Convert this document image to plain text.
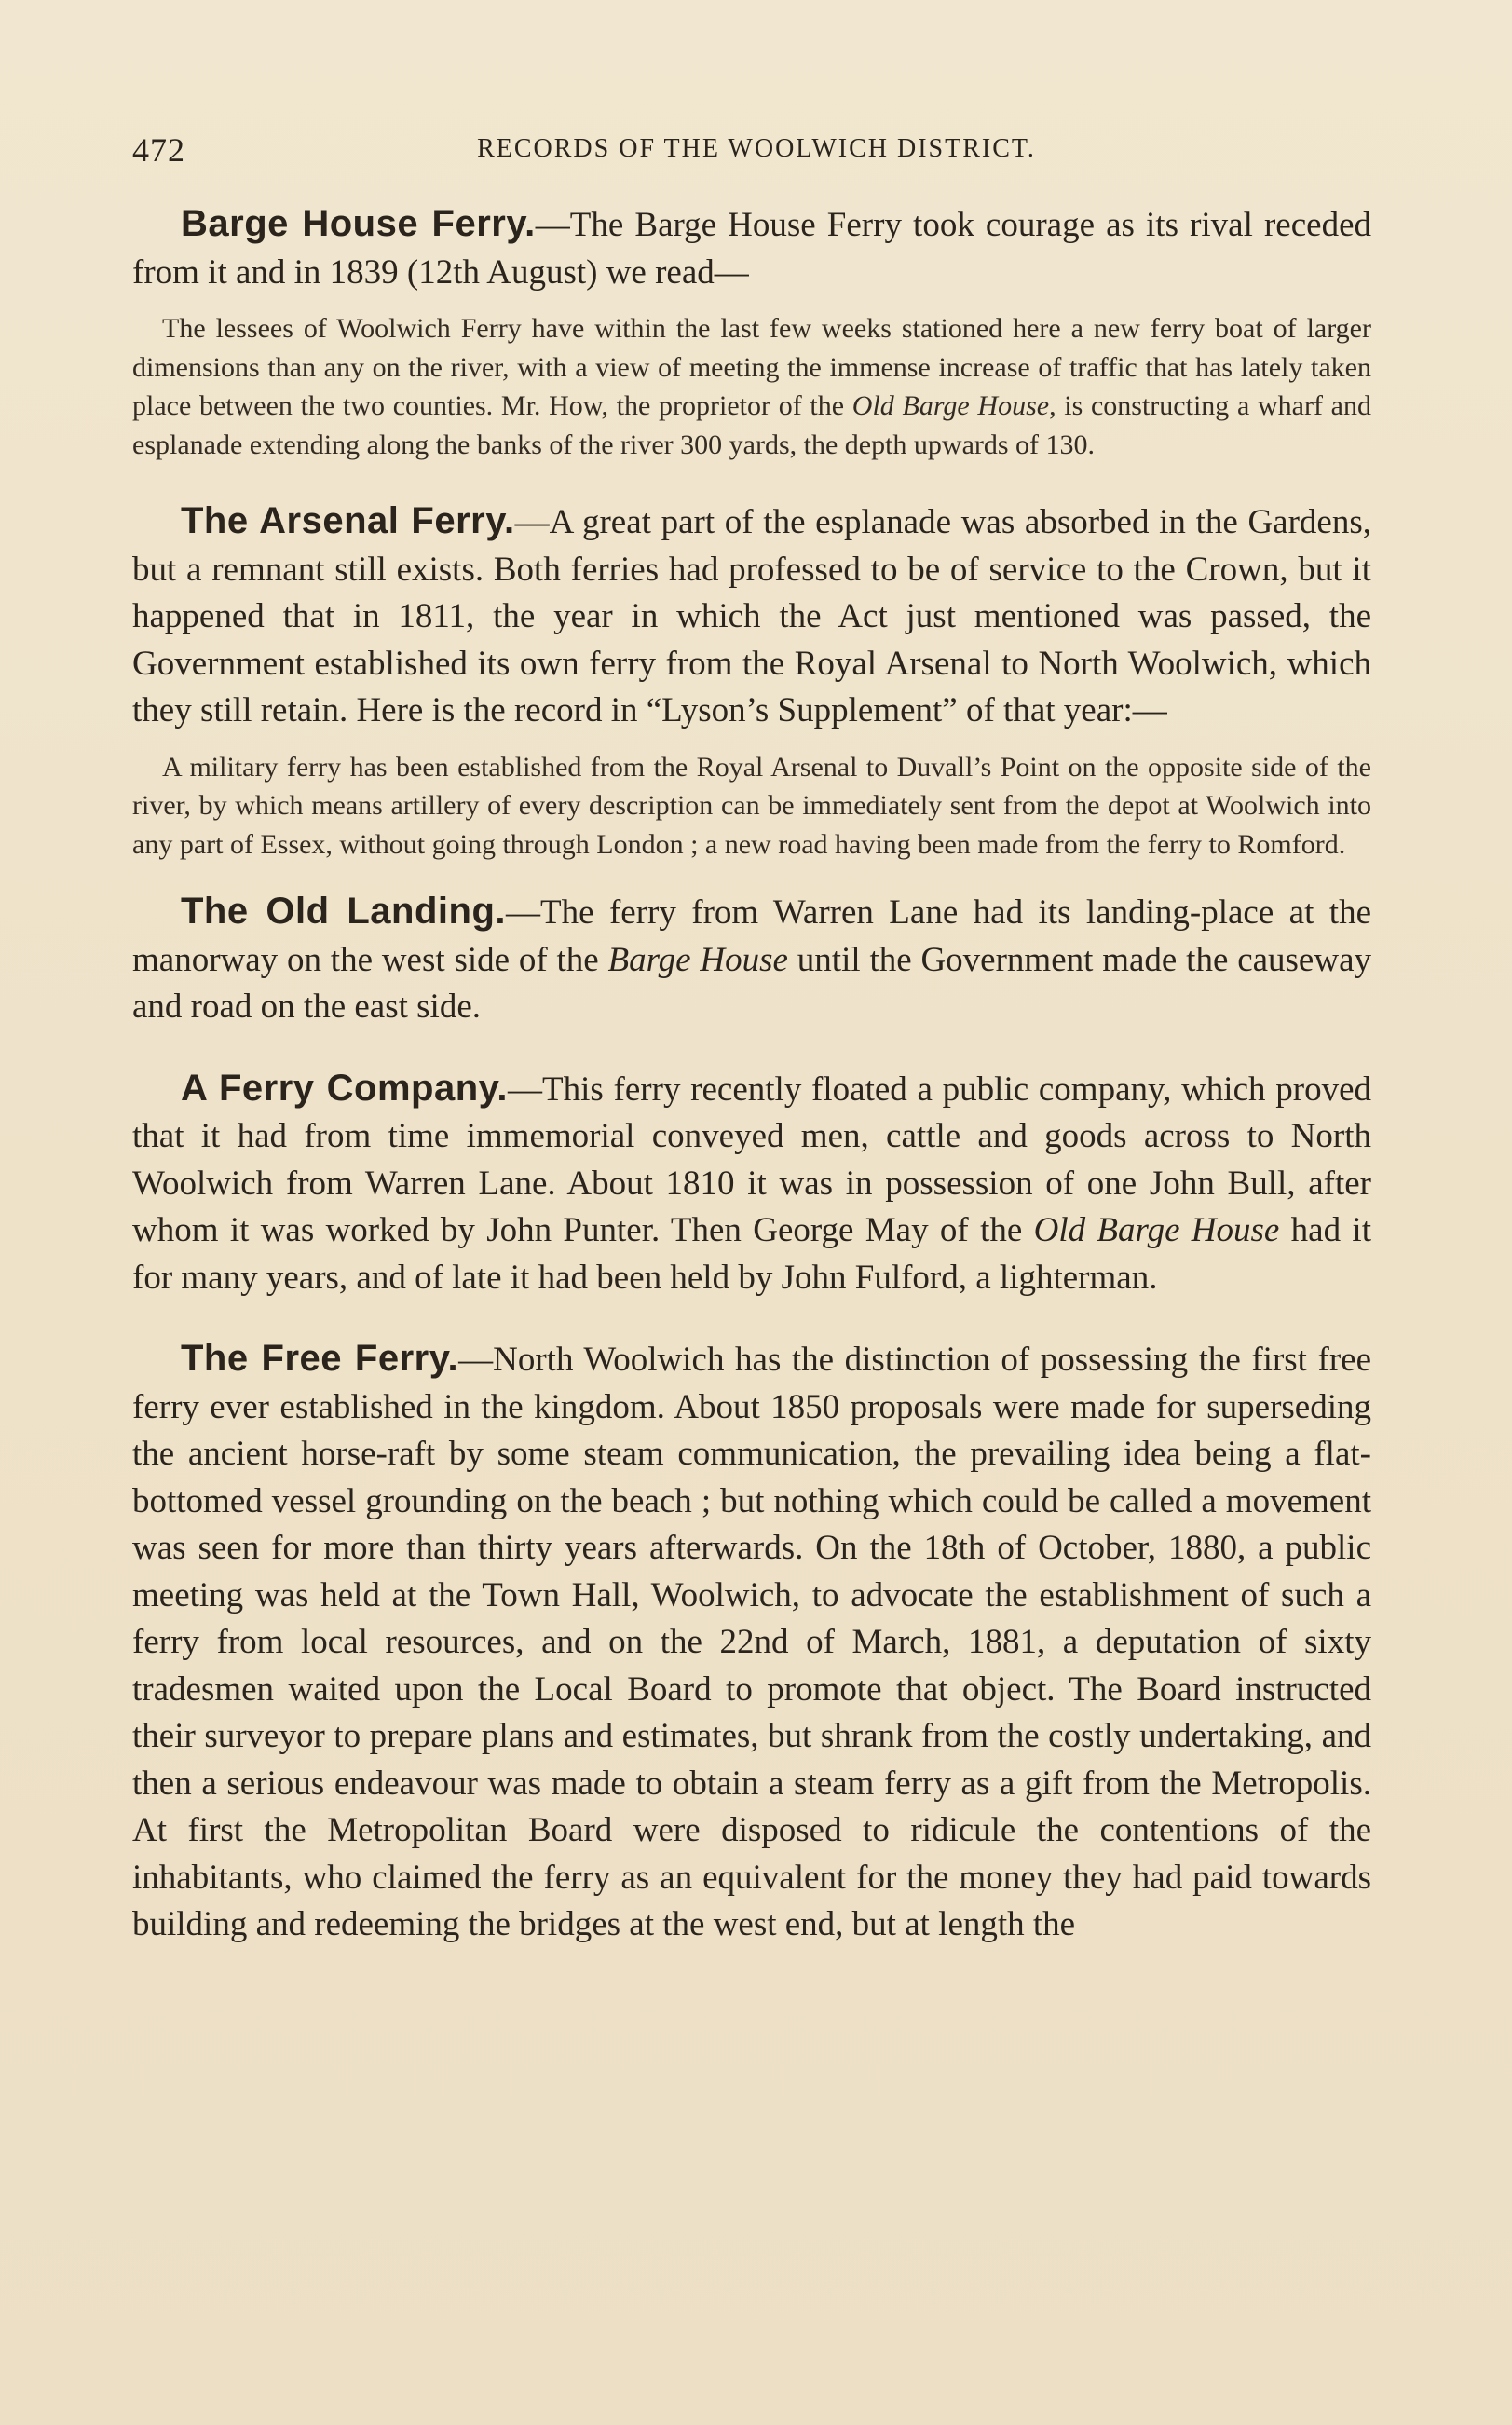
472	RECORDS OF THE WOOLWICH DISTRICT.

Barge House Ferry.—The Barge House Ferry took courage as its rival receded from it and in 1839 (12th August) we read—

The lessees of Woolwich Ferry have within the last few weeks stationed here a new ferry boat of larger dimensions than any on the river, with a view of meeting the immense increase of traffic that has lately taken place between the two counties. Mr. How, the proprietor of the Old Barge House, is constructing a wharf and esplanade extending along the banks of the river 300 yards, the depth upwards of 130.

The Arsenal Ferry.—A great part of the esplanade was absorbed in the Gardens, but a remnant still exists. Both ferries had professed to be of service to the Crown, but it happened that in 1811, the year in which the Act just mentioned was passed, the Government established its own ferry from the Royal Arsenal to North Woolwich, which they still retain. Here is the record in “Lyson’s Supplement” of that year:—

A military ferry has been established from the Royal Arsenal to Duvall’s Point on the opposite side of the river, by which means artillery of every description can be immediately sent from the depot at Woolwich into any part of Essex, without going through London ; a new road having been made from the ferry to Romford.

The Old Landing.—The ferry from Warren Lane had its landing-place at the manorway on the west side of the Barge House until the Government made the causeway and road on the east side.

A Ferry Company.—This ferry recently floated a public company, which proved that it had from time immemorial conveyed men, cattle and goods across to North Woolwich from Warren Lane. About 1810 it was in possession of one John Bull, after whom it was worked by John Punter. Then George May of the Old Barge House had it for many years, and of late it had been held by John Fulford, a lighterman.

The Free Ferry.—North Woolwich has the distinction of possessing the first free ferry ever established in the kingdom. About 1850 proposals were made for superseding the ancient horse-raft by some steam communication, the prevailing idea being a flat-bottomed vessel grounding on the beach ; but nothing which could be called a movement was seen for more than thirty years afterwards. On the 18th of October, 1880, a public meeting was held at the Town Hall, Woolwich, to advocate the establishment of such a ferry from local resources, and on the 22nd of March, 1881, a deputation of sixty tradesmen waited upon the Local Board to promote that object. The Board instructed their surveyor to prepare plans and estimates, but shrank from the costly undertaking, and then a serious endeavour was made to obtain a steam ferry as a gift from the Metropolis. At first the Metropolitan Board were disposed to ridicule the contentions of the inhabitants, who claimed the ferry as an equivalent for the money they had paid towards building and redeeming the bridges at the west end, but at length the
